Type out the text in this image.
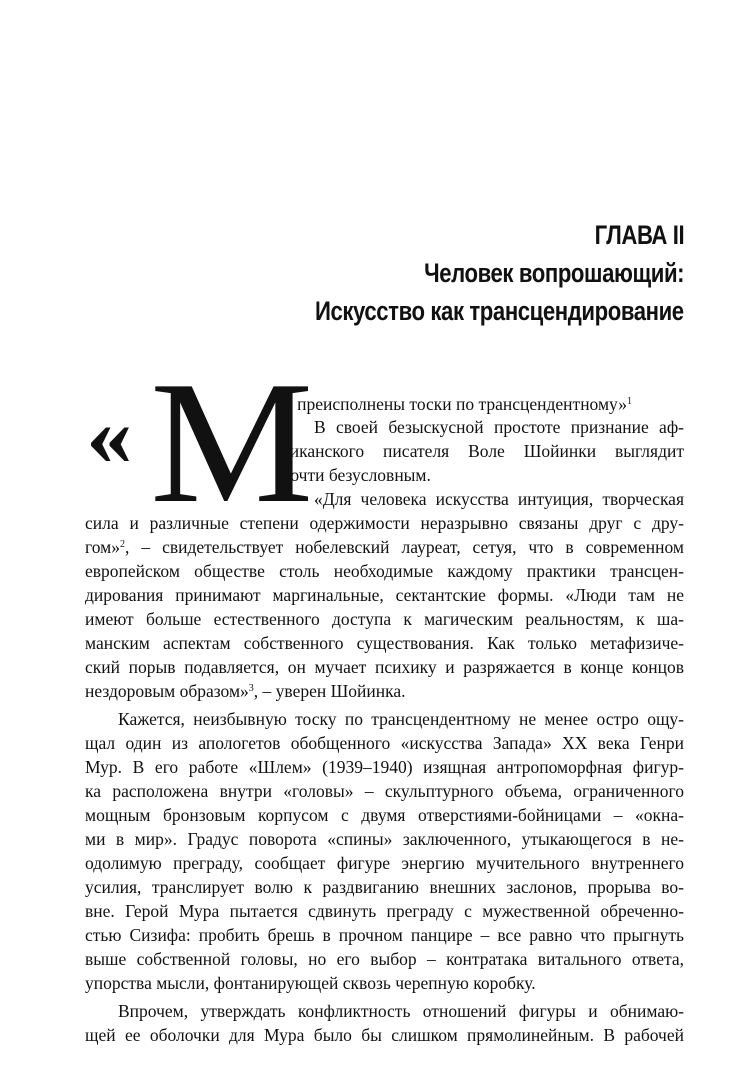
ГЛАВА II
Человек вопрошающий:
Искусство как трансцендирование
« М
ы преисполнены тоски по трансцендентному»$^1$
В своей безыскусной простоте признание аф-
риканского писателя Воле Шойинки выглядит
почти безусловным.
«Для человека искусства интуиция, творческая
сила и различные степени одержимости неразрывно связаны друг с дру-
гом»$^2$, – свидетельствует нобелевский лауреат, сетуя, что в современном
европейском обществе столь необходимые каждому практики трансцен-
дирования принимают маргинальные, сектантские формы. «Люди там не
имеют больше естественного доступа к магическим реальностям, к ша-
манским аспектам собственного существования. Как только метафизиче-
ский порыв подавляется, он мучает психику и разряжается в конце концов
нездоровым образом»$^3$, – уверен Шойинка.
Кажется, неизбывную тоску по трансцендентному не менее остро ощу-
щал один из апологетов обобщенного «искусства Запада» XX века Генри
Мур. В его работе «Шлем» (1939–1940) изящная антропоморфная фигур-
ка расположена внутри «головы» – скульптурного объема, ограниченного
мощным бронзовым корпусом с двумя отверстиями-бойницами – «окна-
ми в мир». Градус поворота «спины» заключенного, утыкающегося в не-
одолимую преграду, сообщает фигуре энергию мучительного внутреннего
усилия, транслирует волю к раздвиганию внешних заслонов, прорыва во-
вне. Герой Мура пытается сдвинуть преграду с мужественной обреченно-
стью Сизифа: пробить брешь в прочном панцире – все равно что прыгнуть
выше собственной головы, но его выбор – контратака витального ответа,
упорства мысли, фонтанирующей сквозь черепную коробку.
Впрочем, утверждать конфликтность отношений фигуры и обнимаю-
щей ее оболочки для Мура было бы слишком прямолинейным. В рабочей
